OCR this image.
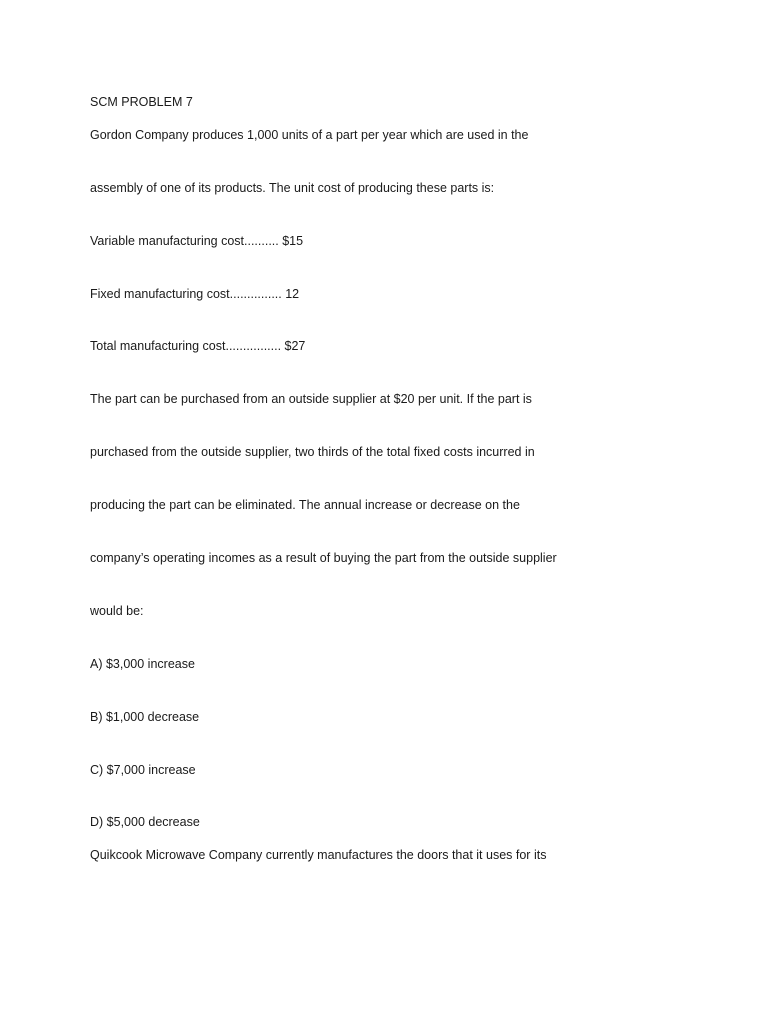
SCM PROBLEM 7
Gordon Company produces 1,000 units of a part per year which are used in the
assembly of one of its products. The unit cost of producing these parts is:
Variable manufacturing cost.......... $15
Fixed manufacturing cost............... 12
Total manufacturing cost................ $27
The part can be purchased from an outside supplier at $20 per unit. If the part is
purchased from the outside supplier, two thirds of the total fixed costs incurred in
producing the part can be eliminated. The annual increase or decrease on the
company’s operating incomes as a result of buying the part from the outside supplier
would be:
A) $3,000 increase
B) $1,000 decrease
C) $7,000 increase
D) $5,000 decrease
Quikcook Microwave Company currently manufactures the doors that it uses for its
